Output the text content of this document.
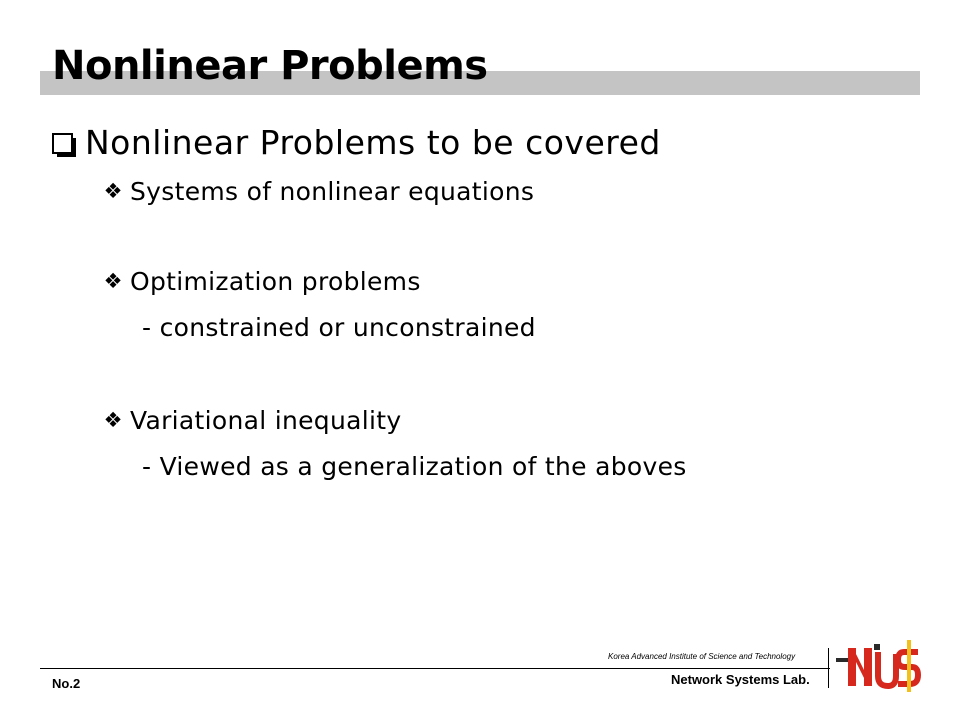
Nonlinear Problems
Nonlinear Problems to be covered
❖ Systems of nonlinear equations
❖ Optimization problems
- constrained or unconstrained
❖ Variational inequality
- Viewed as a generalization of the aboves
No.2
Korea Advanced Institute of Science and Technology
Network Systems Lab.
